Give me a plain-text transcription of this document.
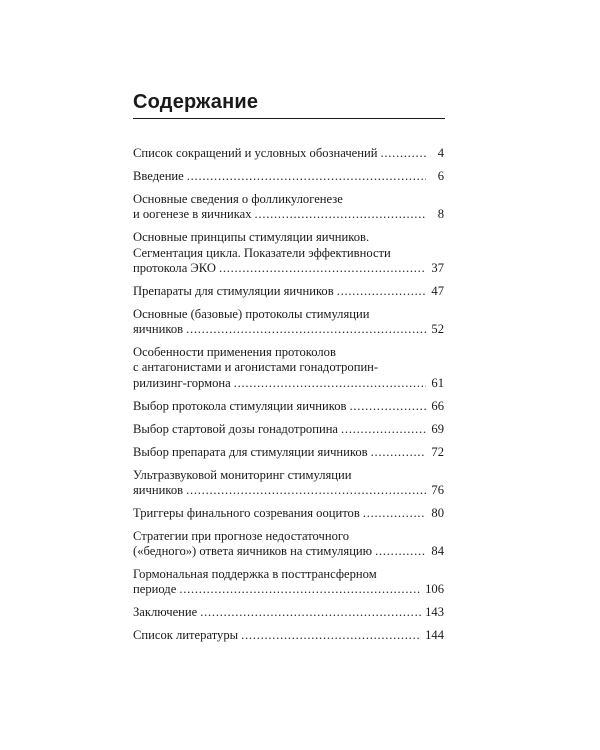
Содержание
Список сокращений и условных обозначений . . .	4
Введение . . .	6
Основные сведения о фолликулогенезе
и оогенезе в яичниках . . .	8
Основные принципы стимуляции яичников.
Сегментация цикла. Показатели эффективности
протокола ЭКО . . .	37
Препараты для стимуляции яичников . . .	47
Основные (базовые) протоколы стимуляции
яичников . . .	52
Особенности применения протоколов
с антагонистами и агонистами гонадотропин-
рилизинг-гормона . . .	61
Выбор протокола стимуляции яичников . . .	66
Выбор стартовой дозы гонадотропина . . .	69
Выбор препарата для стимуляции яичников . . .	72
Ультразвуковой мониторинг стимуляции
яичников . . .	76
Триггеры финального созревания ооцитов . . .	80
Стратегии при прогнозе недостаточного
(«бедного») ответа яичников на стимуляцию . . .	84
Гормональная поддержка в посттрансферном
периоде . . .	106
Заключение . . .	143
Список литературы . . .	144
